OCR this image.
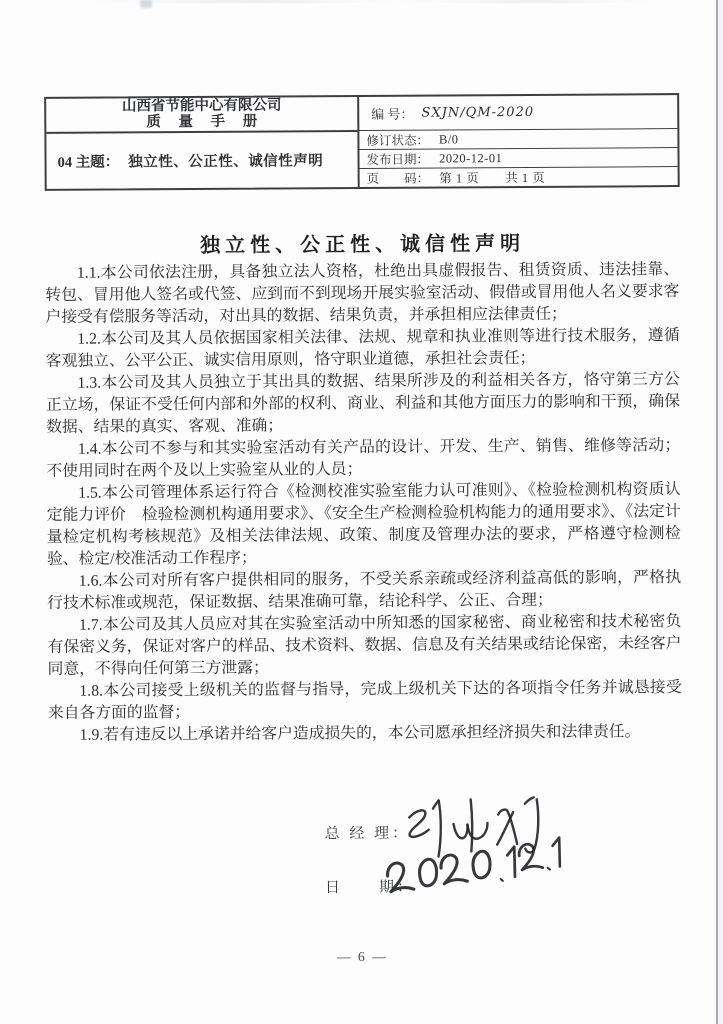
山西省节能中心有限公司
质 量 手 册	编 号： SXJN/QM-2020
04 主题： 独立性、公正性、诚信性声明
修订状态： B/0
发布日期： 2020-12-01
页　　码： 第 1 页　　共 1 页
独立性、公正性、诚信性声明

1.1.本公司依法注册，具备独立法人资格，杜绝出具虚假报告、租赁资质、违法挂靠、转包、冒用他人签名或代签、应到而不到现场开展实验室活动、假借或冒用他人名义要求客户接受有偿服务等活动，对出具的数据、结果负责，并承担相应法律责任；

1.2.本公司及其人员依据国家相关法律、法规、规章和执业准则等进行技术服务，遵循客观独立、公平公正、诚实信用原则，恪守职业道德，承担社会责任；

1.3.本公司及其人员独立于其出具的数据、结果所涉及的利益相关各方，恪守第三方公正立场，保证不受任何内部和外部的权利、商业、利益和其他方面压力的影响和干预，确保数据、结果的真实、客观、准确；

1.4.本公司不参与和其实验室活动有关产品的设计、开发、生产、销售、维修等活动；不使用同时在两个及以上实验室从业的人员；

1.5.本公司管理体系运行符合《检测校准实验室能力认可准则》、《检验检测机构资质认定能力评价　检验检测机构通用要求》、《安全生产检测检验机构能力的通用要求》、《法定计量检定机构考核规范》及相关法律法规、政策、制度及管理办法的要求，严格遵守检测检验、检定/校准活动工作程序；

1.6.本公司对所有客户提供相同的服务，不受关系亲疏或经济利益高低的影响，严格执行技术标准或规范，保证数据、结果准确可靠，结论科学、公正、合理；

1.7.本公司及其人员应对其在实验室活动中所知悉的国家秘密、商业秘密和技术秘密负有保密义务，保证对客户的样品、技术资料、数据、信息及有关结果或结论保密，未经客户同意，不得向任何第三方泄露；

1.8.本公司接受上级机关的监督与指导，完成上级机关下达的各项指令任务并诚恳接受来自各方面的监督；

1.9.若有违反以上承诺并给客户造成损失的，本公司愿承担经济损失和法律责任。

总 经 理：
日　　期：
— 6 —
